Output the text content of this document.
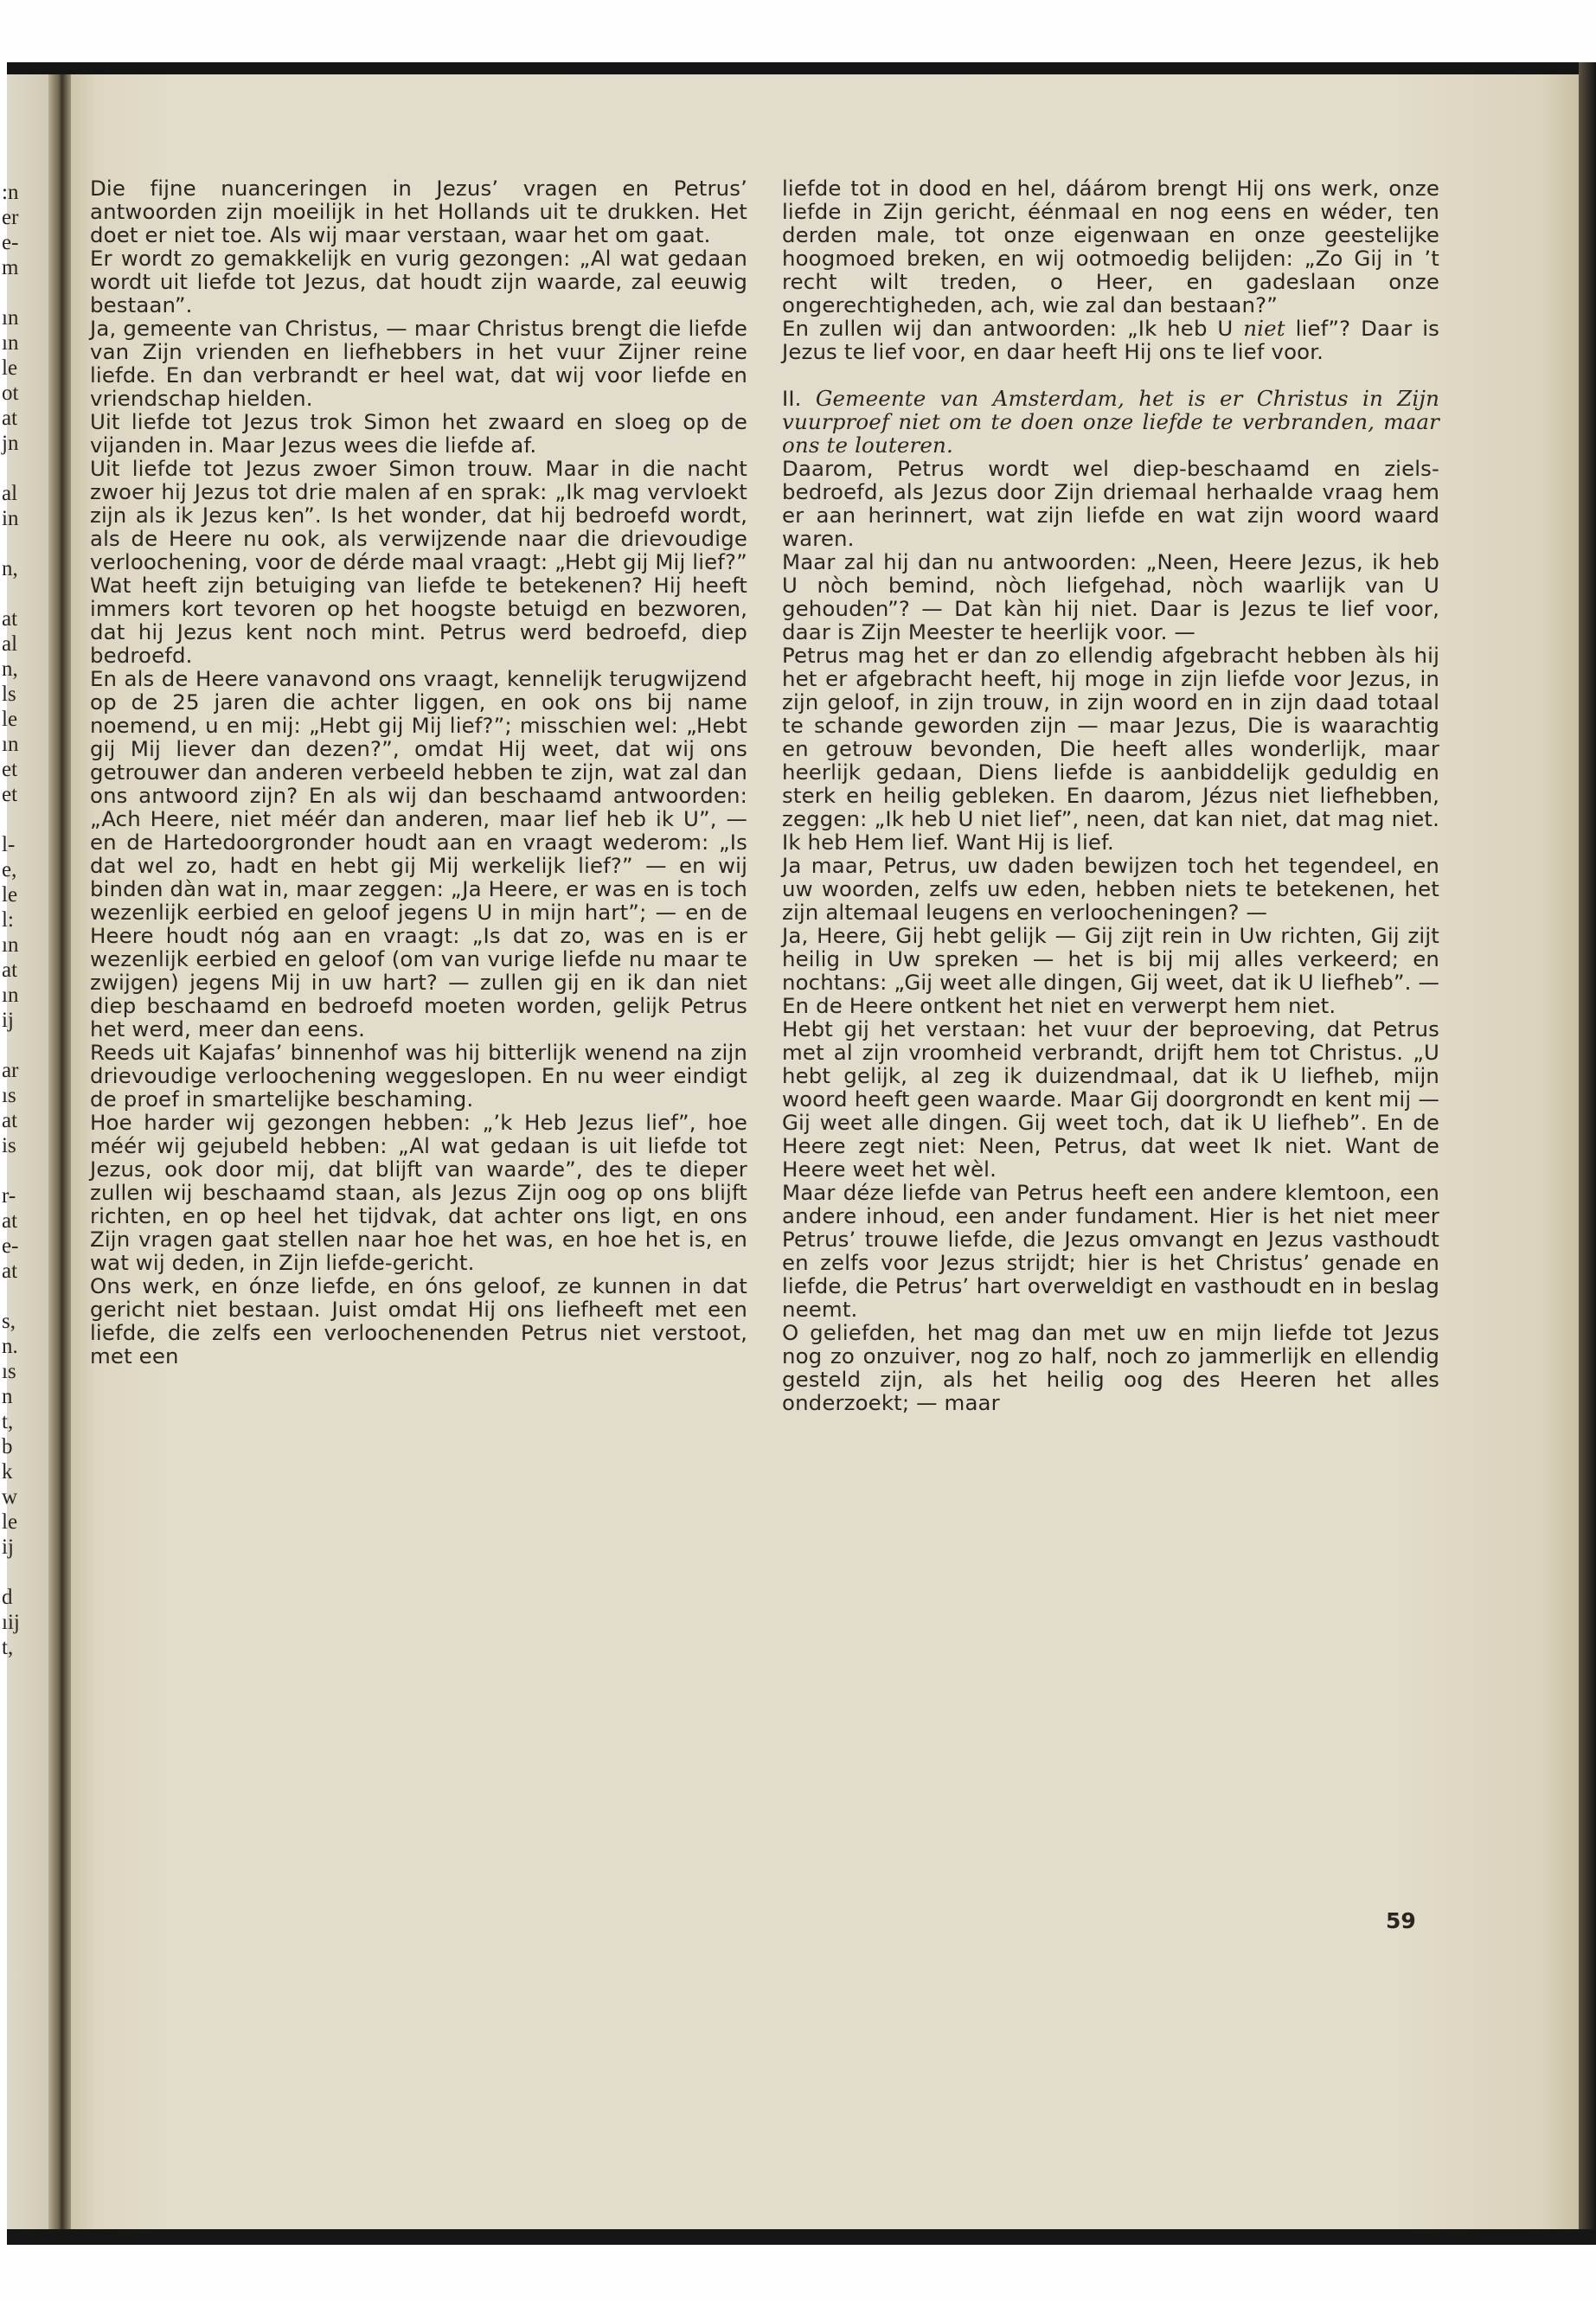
:n
er
e-
m
ın
ın
le
ot
at
jn
al
in
n,
at
al
n,
ls
le
ın
et
et
l-
e,
le
l:
ın
at
ın
ij
ar
ıs
at
is
r-
at
e-
at
s,
n.
ıs
n
t,
b
k
w
le
ij
d
ıij
t,

Die fijne nuanceringen in Jezus’ vragen en Petrus’ antwoorden zijn moeilijk in het Hollands uit te drukken. Het doet er niet toe. Als wij maar verstaan, waar het om gaat.

Er wordt zo gemakkelijk en vurig gezongen: „Al wat gedaan wordt uit liefde tot Jezus, dat houdt zijn waarde, zal eeuwig bestaan”.

Ja, gemeente van Christus, — maar Christus brengt die liefde van Zijn vrienden en liefhebbers in het vuur Zijner reine liefde. En dan verbrandt er heel wat, dat wij voor liefde en vriendschap hielden.

Uit liefde tot Jezus trok Simon het zwaard en sloeg op de vijanden in. Maar Jezus wees die liefde af.

Uit liefde tot Jezus zwoer Simon trouw. Maar in die nacht zwoer hij Jezus tot drie malen af en sprak: „Ik mag vervloekt zijn als ik Jezus ken”. Is het wonder, dat hij bedroefd wordt, als de Heere nu ook, als verwijzende naar die drievoudige verloochening, voor de dérde maal vraagt: „Hebt gij Mij lief?”

Wat heeft zijn betuiging van liefde te betekenen? Hij heeft immers kort tevoren op het hoogste betuigd en bezworen, dat hij Jezus kent noch mint. Petrus werd bedroefd, diep bedroefd.

En als de Heere vanavond ons vraagt, kennelijk terugwijzend op de 25 jaren die achter liggen, en ook ons bij name noemend, u en mij: „Hebt gij Mij lief?”; misschien wel: „Hebt gij Mij liever dan dezen?”, omdat Hij weet, dat wij ons getrouwer dan anderen verbeeld hebben te zijn, wat zal dan ons antwoord zijn? En als wij dan beschaamd antwoorden: „Ach Heere, niet méér dan anderen, maar lief heb ik U”, — en de Hartedoorgronder houdt aan en vraagt wederom: „Is dat wel zo, hadt en hebt gij Mij werkelijk lief?” — en wij binden dàn wat in, maar zeggen: „Ja Heere, er was en is toch wezenlijk eerbied en geloof jegens U in mijn hart”; — en de Heere houdt nóg aan en vraagt: „Is dat zo, was en is er wezenlijk eerbied en geloof (om van vurige liefde nu maar te zwijgen) jegens Mij in uw hart? — zullen gij en ik dan niet diep beschaamd en bedroefd moeten worden, gelijk Petrus het werd, meer dan eens.

Reeds uit Kajafas’ binnenhof was hij bitterlijk wenend na zijn drievoudige verloochening weggeslopen. En nu weer eindigt de proef in smartelijke beschaming.

Hoe harder wij gezongen hebben: „’k Heb Jezus lief”, hoe méér wij gejubeld hebben: „Al wat gedaan is uit liefde tot Jezus, ook door mij, dat blijft van waarde”, des te dieper zullen wij beschaamd staan, als Jezus Zijn oog op ons blijft richten, en op heel het tijdvak, dat achter ons ligt, en ons Zijn vragen gaat stellen naar hoe het was, en hoe het is, en wat wij deden, in Zijn liefde-gericht.

Ons werk, en ónze liefde, en óns geloof, ze kunnen in dat gericht niet bestaan. Juist omdat Hij ons liefheeft met een liefde, die zelfs een verloochenenden Petrus niet verstoot, met een

liefde tot in dood en hel, dáárom brengt Hij ons werk, onze liefde in Zijn gericht, éénmaal en nog eens en wéder, ten derden male, tot onze eigenwaan en onze geestelijke hoogmoed breken, en wij ootmoedig belijden: „Zo Gij in ’t recht wilt treden, o Heer, en gadeslaan onze ongerechtigheden, ach, wie zal dan bestaan?”

En zullen wij dan antwoorden: „Ik heb U niet lief”? Daar is Jezus te lief voor, en daar heeft Hij ons te lief voor.

II. Gemeente van Amsterdam, het is er Christus in Zijn vuurproef niet om te doen onze liefde te verbranden, maar ons te louteren.

Daarom, Petrus wordt wel diep-beschaamd en ziels-bedroefd, als Jezus door Zijn driemaal herhaalde vraag hem er aan herinnert, wat zijn liefde en wat zijn woord waard waren.

Maar zal hij dan nu antwoorden: „Neen, Heere Jezus, ik heb U nòch bemind, nòch liefgehad, nòch waarlijk van U gehouden”? — Dat kàn hij niet. Daar is Jezus te lief voor, daar is Zijn Meester te heerlijk voor. —

Petrus mag het er dan zo ellendig afgebracht hebben àls hij het er afgebracht heeft, hij moge in zijn liefde voor Jezus, in zijn geloof, in zijn trouw, in zijn woord en in zijn daad totaal te schande geworden zijn — maar Jezus, Die is waarachtig en getrouw bevonden, Die heeft alles wonderlijk, maar heerlijk gedaan, Diens liefde is aanbiddelijk geduldig en sterk en heilig gebleken. En daarom, Jézus niet liefhebben, zeggen: „Ik heb U niet lief”, neen, dat kan niet, dat mag niet. Ik heb Hem lief. Want Hij is lief.

Ja maar, Petrus, uw daden bewijzen toch het tegendeel, en uw woorden, zelfs uw eden, hebben niets te betekenen, het zijn altemaal leugens en verloocheningen? —

Ja, Heere, Gij hebt gelijk — Gij zijt rein in Uw richten, Gij zijt heilig in Uw spreken — het is bij mij alles verkeerd; en nochtans: „Gij weet alle dingen, Gij weet, dat ik U liefheb”. — En de Heere ontkent het niet en verwerpt hem niet.

Hebt gij het verstaan: het vuur der beproeving, dat Petrus met al zijn vroomheid verbrandt, drijft hem tot Christus. „U hebt gelijk, al zeg ik duizendmaal, dat ik U liefheb, mijn woord heeft geen waarde. Maar Gij doorgrondt en kent mij — Gij weet alle dingen. Gij weet toch, dat ik U liefheb”. En de Heere zegt niet: Neen, Petrus, dat weet Ik niet. Want de Heere weet het wèl.

Maar déze liefde van Petrus heeft een andere klemtoon, een andere inhoud, een ander fundament. Hier is het niet meer Petrus’ trouwe liefde, die Jezus omvangt en Jezus vasthoudt en zelfs voor Jezus strijdt; hier is het Christus’ genade en liefde, die Petrus’ hart overweldigt en vasthoudt en in beslag neemt.

O geliefden, het mag dan met uw en mijn liefde tot Jezus nog zo onzuiver, nog zo half, noch zo jammerlijk en ellendig gesteld zijn, als het heilig oog des Heeren het alles onderzoekt; — maar

59
